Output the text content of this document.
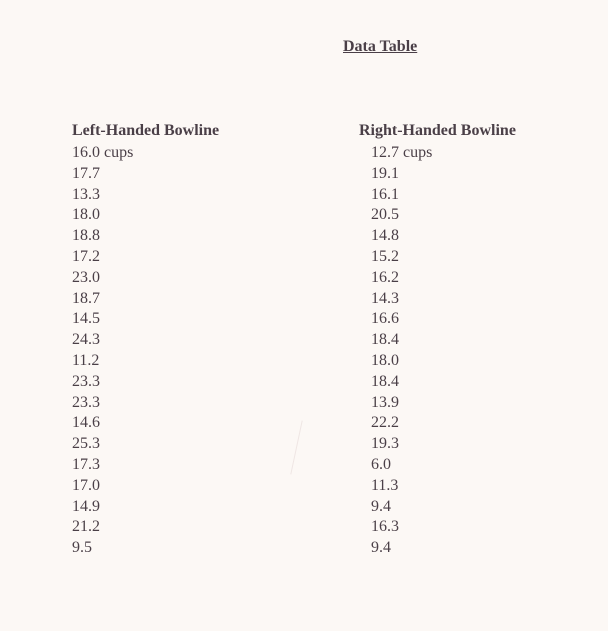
Data Table
Left-Handed Bowline
16.0 cups
17.7
13.3
18.0
18.8
17.2
23.0
18.7
14.5
24.3
11.2
23.3
23.3
14.6
25.3
17.3
17.0
14.9
21.2
9.5
Right-Handed Bowline
12.7 cups
19.1
16.1
20.5
14.8
15.2
16.2
14.3
16.6
18.4
18.0
18.4
13.9
22.2
19.3
6.0
11.3
9.4
16.3
9.4
